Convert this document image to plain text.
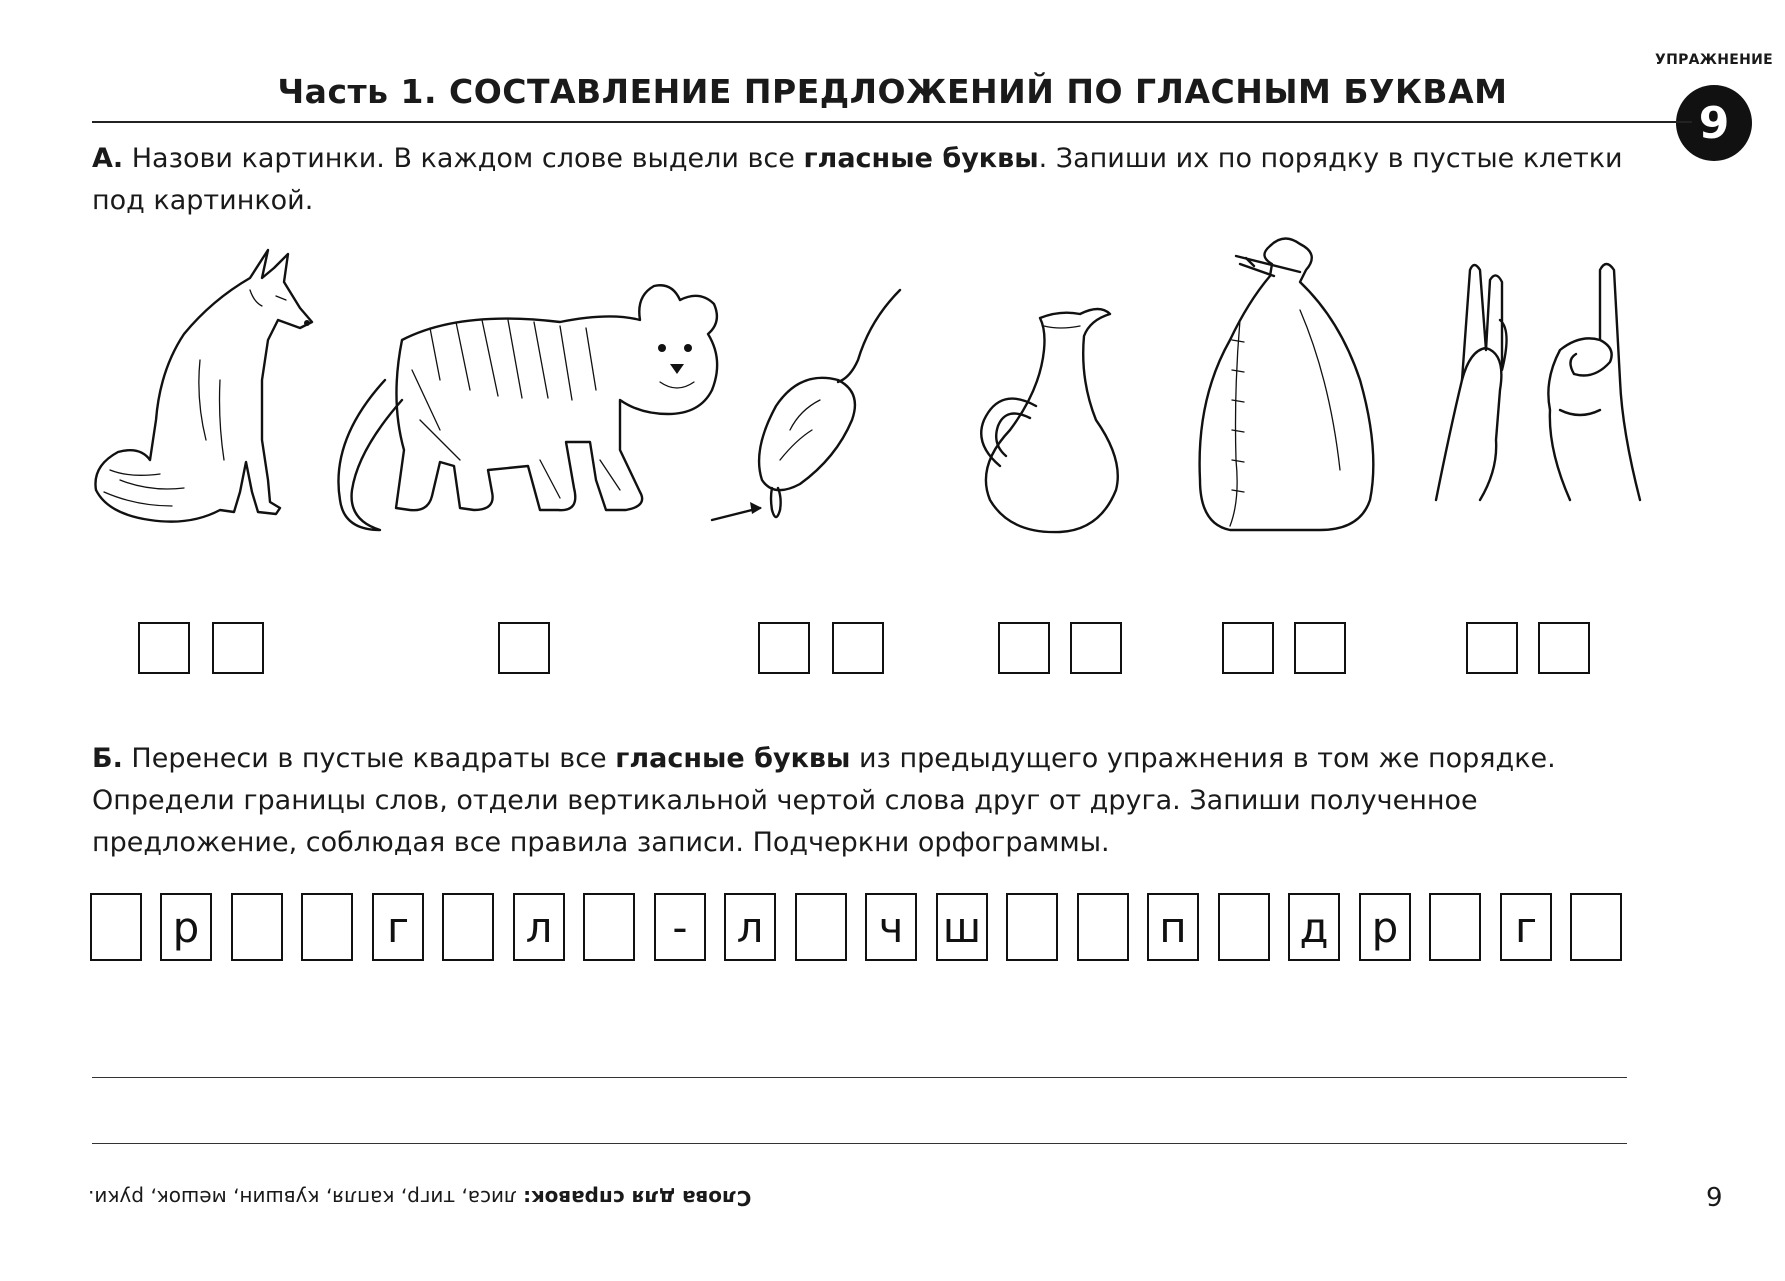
УПРАЖНЕНИЕ
9
Часть 1. СОСТАВЛЕНИЕ ПРЕДЛОЖЕНИЙ ПО ГЛАСНЫМ БУКВАМ
А. Назови картинки. В каждом слове выдели все гласные буквы. Запиши их по порядку в пустые клетки под картинкой.
Б. Перенеси в пустые квадраты все гласные буквы из предыдущего упражнения в том же порядке. Определи границы слов, отдели вертикальной чертой слова друг от друга. Запиши полученное предложение, соблюдая все правила записи. Подчеркни орфограммы.
р	г	л	-	л	ч ш	п	д	р	г
Слова для справок: лиса, тигр, капля, кувшин, мешок, руки.	9
